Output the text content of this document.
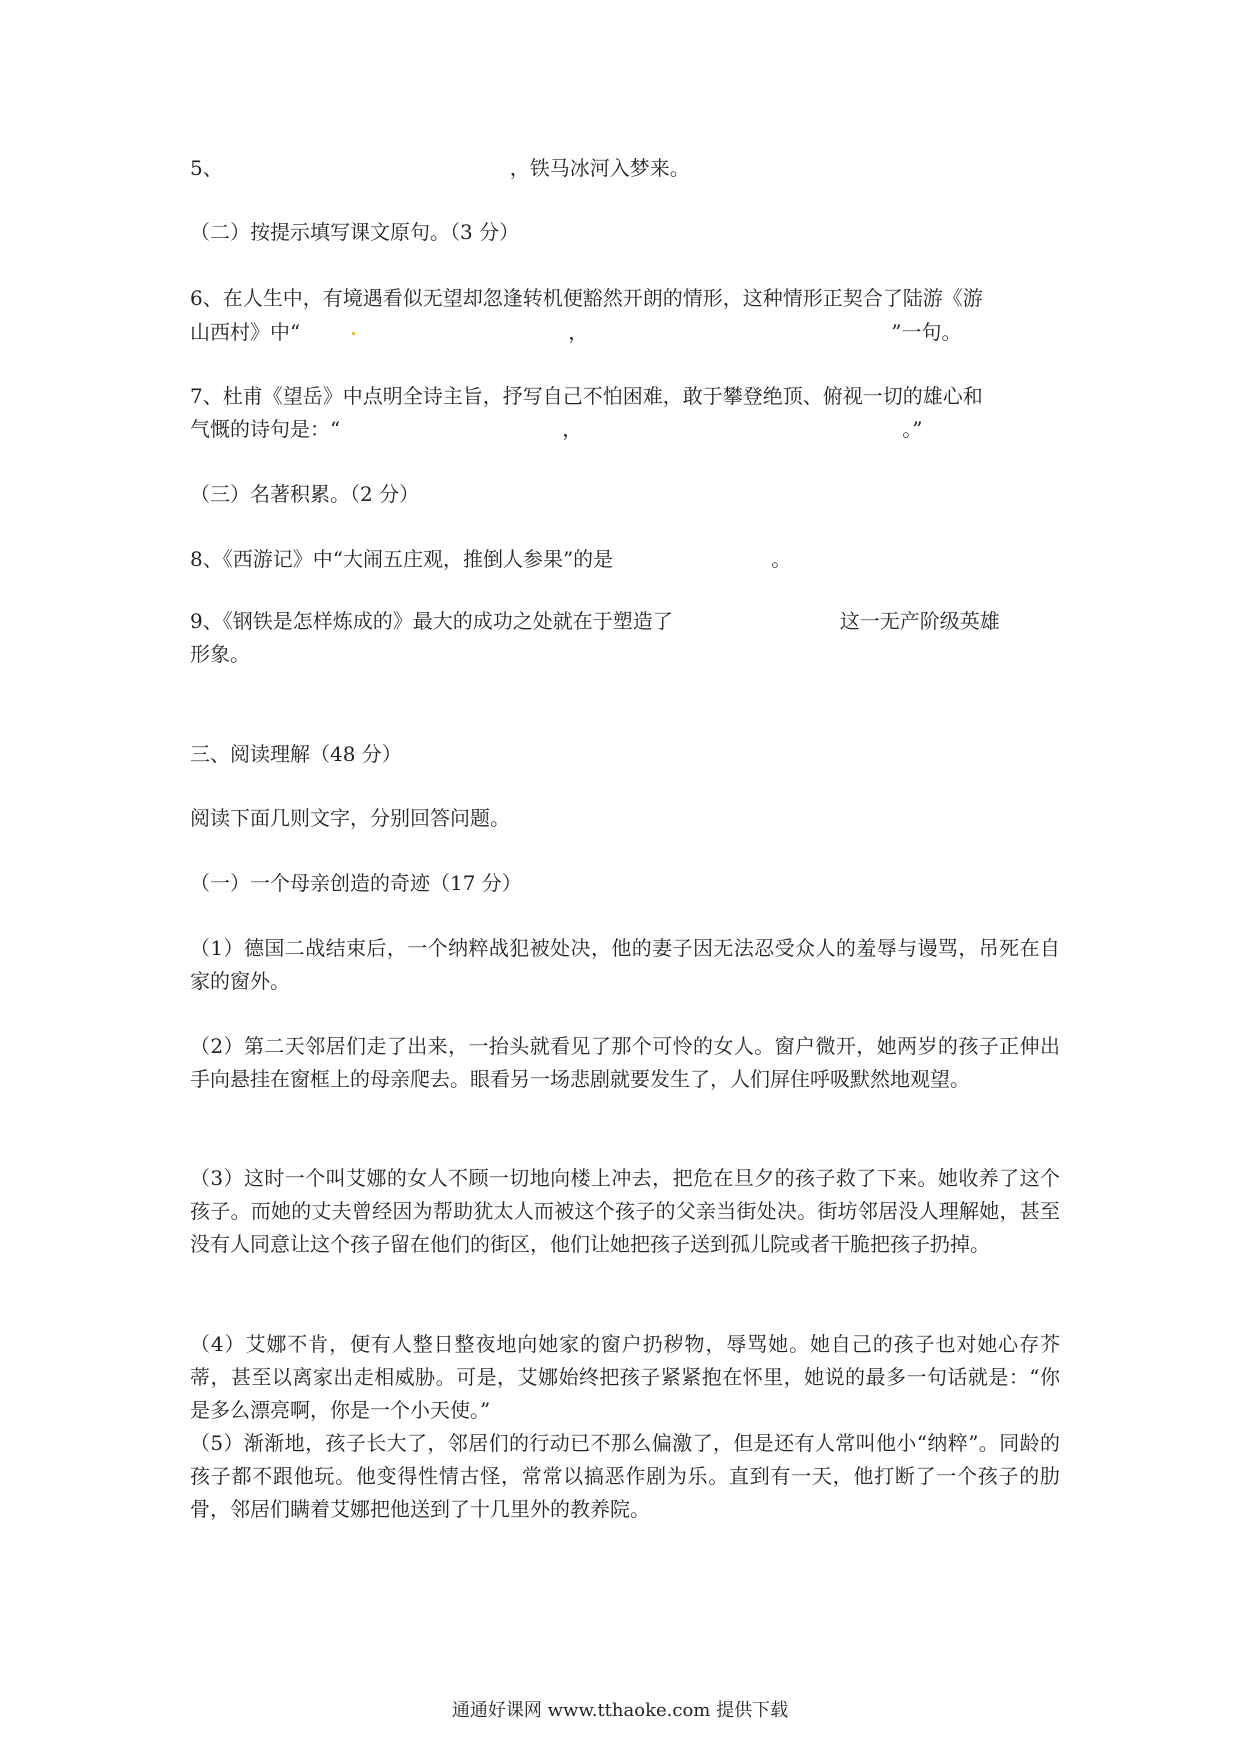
5、	，铁马冰河入梦来。
（二）按提示填写课文原句。（3 分）
6、在人生中，有境遇看似无望却忽逢转机便豁然开朗的情形，这种情形正契合了陆游《游
山西村》中“	，	”一句。
7、杜甫《望岳》中点明全诗主旨，抒写自己不怕困难，敢于攀登绝顶、俯视一切的雄心和
气慨的诗句是：“	，	。”
（三）名著积累。（2 分）
8、《西游记》中“大闹五庄观，推倒人参果”的是	。
9、《钢铁是怎样炼成的》最大的成功之处就在于塑造了	这一无产阶级英雄
形象。
三、阅读理解（48 分）
阅读下面几则文字，分别回答问题。
（一）一个母亲创造的奇迹（17 分）
（1）德国二战结束后，一个纳粹战犯被处决，他的妻子因无法忍受众人的羞辱与谩骂，吊死在自家的窗外。
（2）第二天邻居们走了出来，一抬头就看见了那个可怜的女人。窗户微开，她两岁的孩子正伸出手向悬挂在窗框上的母亲爬去。眼看另一场悲剧就要发生了，人们屏住呼吸默然地观望。
（3）这时一个叫艾娜的女人不顾一切地向楼上冲去，把危在旦夕的孩子救了下来。她收养了这个孩子。而她的丈夫曾经因为帮助犹太人而被这个孩子的父亲当街处决。街坊邻居没人理解她，甚至没有人同意让这个孩子留在他们的街区，他们让她把孩子送到孤儿院或者干脆把孩子扔掉。
（4）艾娜不肯，便有人整日整夜地向她家的窗户扔秽物，辱骂她。她自己的孩子也对她心存芥蒂，甚至以离家出走相威胁。可是，艾娜始终把孩子紧紧抱在怀里，她说的最多一句话就是：“你是多么漂亮啊，你是一个小天使。”
（5）渐渐地，孩子长大了，邻居们的行动已不那么偏激了，但是还有人常叫他小“纳粹”。同龄的孩子都不跟他玩。他变得性情古怪，常常以搞恶作剧为乐。直到有一天，他打断了一个孩子的肋骨，邻居们瞒着艾娜把他送到了十几里外的教养院。
通通好课网 www.tthaoke.com 提供下载
